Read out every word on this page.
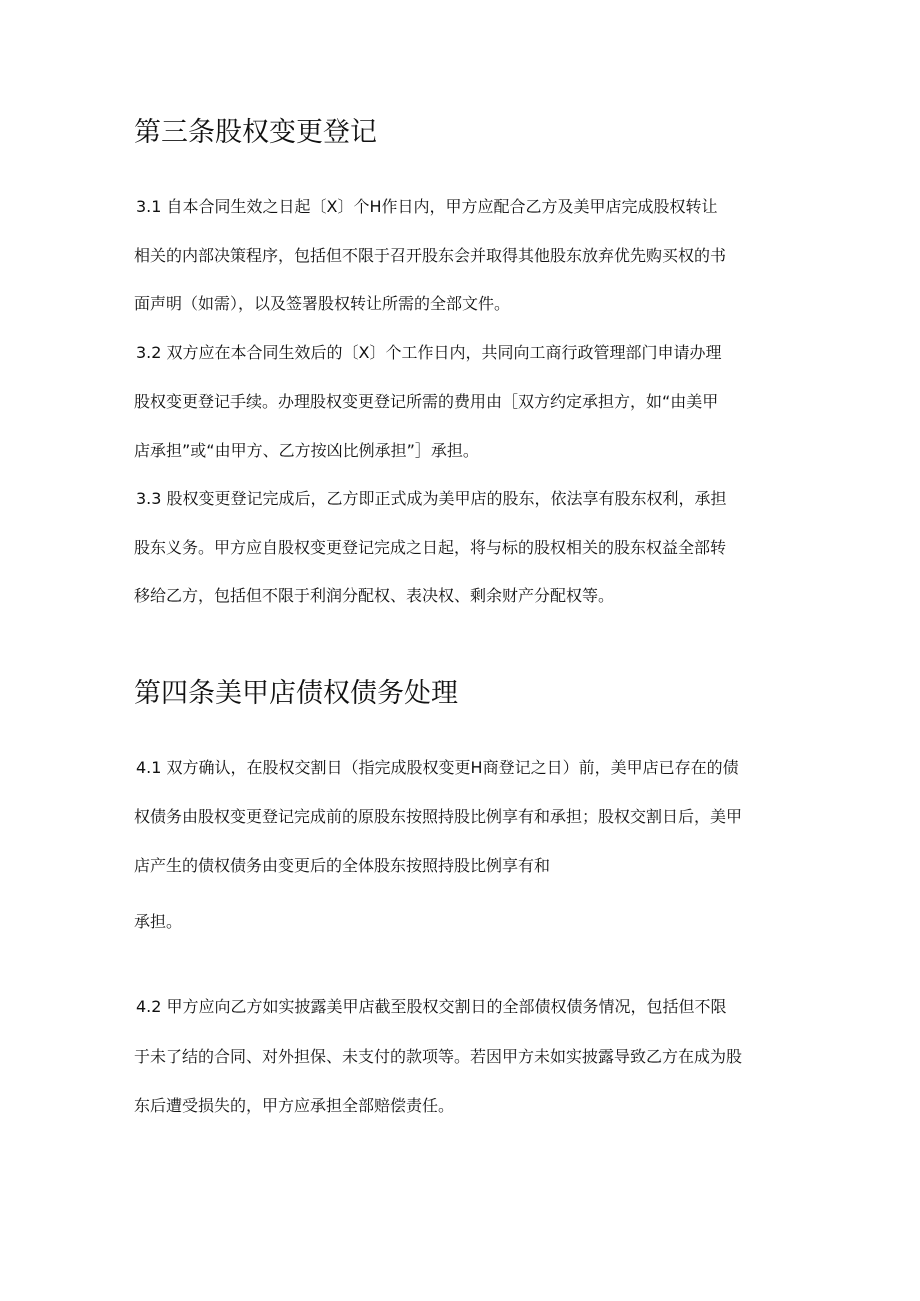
第三条股权变更登记

3.1 自本合同生效之日起〔X〕个H作日内，甲方应配合乙方及美甲店完成股权转让

相关的内部决策程序，包括但不限于召开股东会并取得其他股东放弃优先购买权的书

面声明（如需），以及签署股权转让所需的全部文件。

3.2 双方应在本合同生效后的〔X〕个工作日内，共同向工商行政管理部门申请办理

股权变更登记手续。办理股权变更登记所需的费用由［双方约定承担方，如“由美甲

店承担”或“由甲方、乙方按凶比例承担”］承担。

3.3 股权变更登记完成后，乙方即正式成为美甲店的股东，依法享有股东权利，承担

股东义务。甲方应自股权变更登记完成之日起，将与标的股权相关的股东权益全部转

移给乙方，包括但不限于利润分配权、表决权、剩余财产分配权等。

第四条美甲店债权债务处理

4.1 双方确认，在股权交割日（指完成股权变更H商登记之日）前，美甲店已存在的债

权债务由股权变更登记完成前的原股东按照持股比例享有和承担；股权交割日后，美甲

店产生的债权债务由变更后的全体股东按照持股比例享有和

承担。

4.2 甲方应向乙方如实披露美甲店截至股权交割日的全部债权债务情况，包括但不限

于未了结的合同、对外担保、未支付的款项等。若因甲方未如实披露导致乙方在成为股

东后遭受损失的，甲方应承担全部赔偿责任。
